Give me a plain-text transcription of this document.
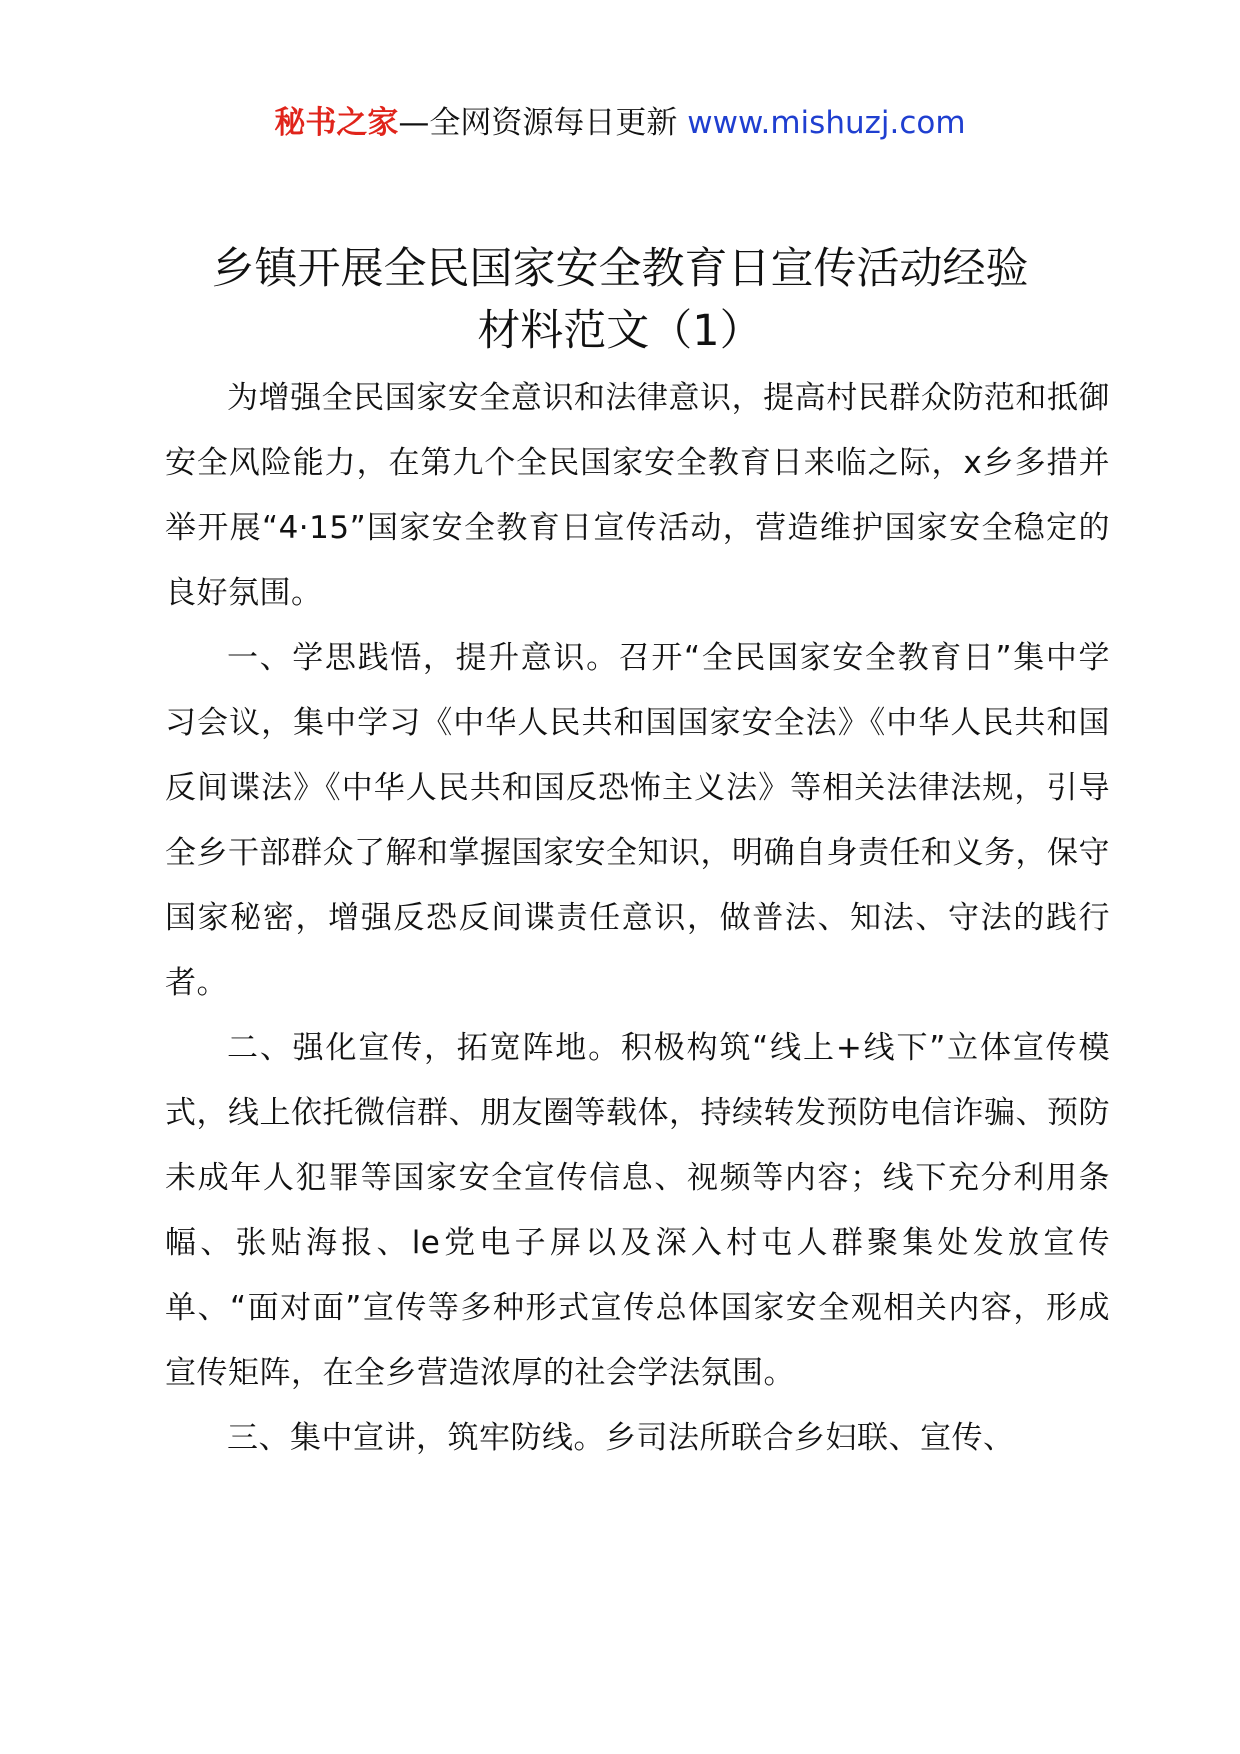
秘书之家—全网资源每日更新 www.mishuzj.com
乡镇开展全民国家安全教育日宣传活动经验
材料范文（1）

为增强全民国家安全意识和法律意识，提高村民群众防范和抵御安全风险能力，在第九个全民国家安全教育日来临之际，x乡多措并举开展“4·15”国家安全教育日宣传活动，营造维护国家安全稳定的良好氛围。

一、学思践悟，提升意识。召开“全民国家安全教育日”集中学习会议，集中学习《中华人民共和国国家安全法》《中华人民共和国反间谍法》《中华人民共和国反恐怖主义法》等相关法律法规，引导全乡干部群众了解和掌握国家安全知识，明确自身责任和义务，保守国家秘密，增强反恐反间谍责任意识，做普法、知法、守法的践行者。

二、强化宣传，拓宽阵地。积极构筑“线上+线下”立体宣传模式，线上依托微信群、朋友圈等载体，持续转发预防电信诈骗、预防未成年人犯罪等国家安全宣传信息、视频等内容；线下充分利用条幅、张贴海报、le党电子屏以及深入村屯人群聚集处发放宣传单、“面对面”宣传等多种形式宣传总体国家安全观相关内容，形成宣传矩阵，在全乡营造浓厚的社会学法氛围。

三、集中宣讲，筑牢防线。乡司法所联合乡妇联、宣传、
